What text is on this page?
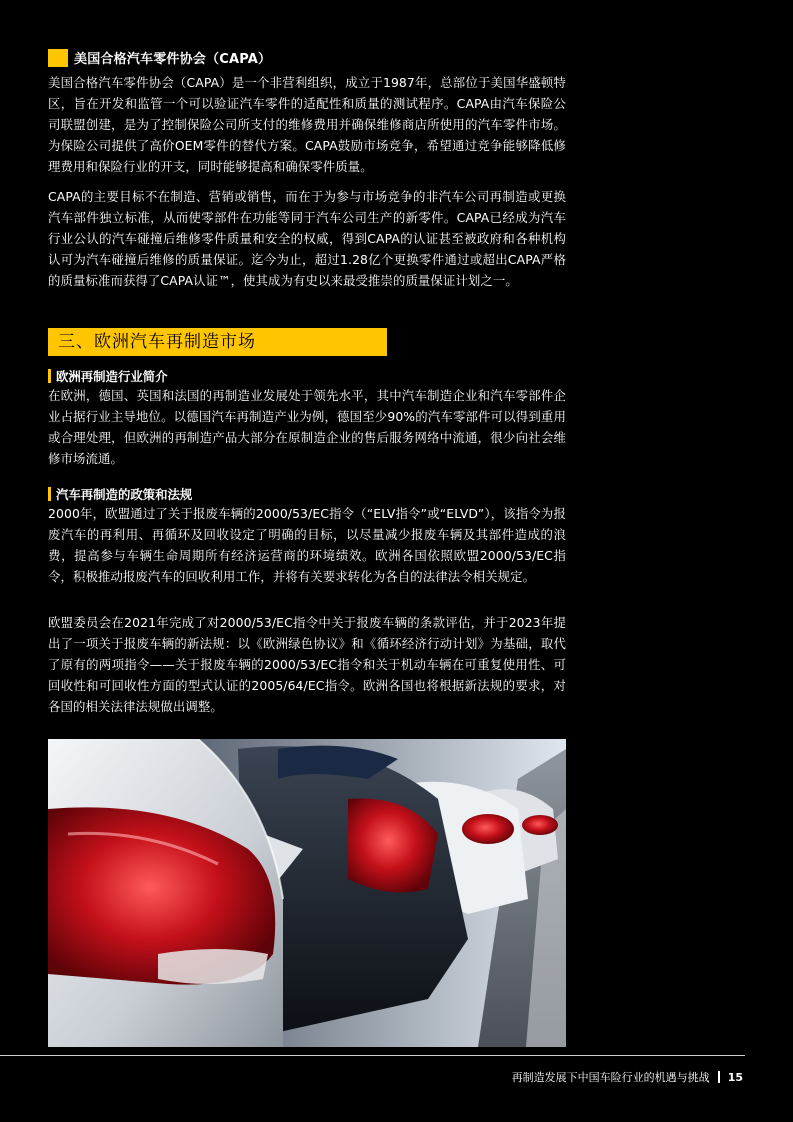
美国合格汽车零件协会（CAPA）

美国合格汽车零件协会（CAPA）是一个非营利组织，成立于1987年，总部位于美国华盛顿特区，旨在开发和监管一个可以验证汽车零件的适配性和质量的测试程序。CAPA由汽车保险公司联盟创建，是为了控制保险公司所支付的维修费用并确保维修商店所使用的汽车零件市场。为保险公司提供了高价OEM零件的替代方案。CAPA鼓励市场竞争，希望通过竞争能够降低修理费用和保险行业的开支，同时能够提高和确保零件质量。

CAPA的主要目标不在制造、营销或销售，而在于为参与市场竞争的非汽车公司再制造或更换汽车部件独立标准，从而使零部件在功能等同于汽车公司生产的新零件。CAPA已经成为汽车行业公认的汽车碰撞后维修零件质量和安全的权威，得到CAPA的认证甚至被政府和各种机构认可为汽车碰撞后维修的质量保证。迄今为止，超过1.28亿个更换零件通过或超出CAPA严格的质量标准而获得了CAPA认证™，使其成为有史以来最受推崇的质量保证计划之一。

三、欧洲汽车再制造市场
欧洲再制造行业简介

在欧洲，德国、英国和法国的再制造业发展处于领先水平，其中汽车制造企业和汽车零部件企业占据行业主导地位。以德国汽车再制造产业为例，德国至少90%的汽车零部件可以得到重用或合理处理，但欧洲的再制造产品大部分在原制造企业的售后服务网络中流通，很少向社会维修市场流通。

汽车再制造的政策和法规

2000年，欧盟通过了关于报废车辆的2000/53/EC指令（“ELV指令”或“ELVD”），该指令为报废汽车的再利用、再循环及回收设定了明确的目标，以尽量减少报废车辆及其部件造成的浪费，提高参与车辆生命周期所有经济运营商的环境绩效。欧洲各国依照欧盟2000/53/EC指令，积极推动报废汽车的回收利用工作，并将有关要求转化为各自的法律法令相关规定。

欧盟委员会在2021年完成了对2000/53/EC指令中关于报废车辆的条款评估，并于2023年提出了一项关于报废车辆的新法规：以《欧洲绿色协议》和《循环经济行动计划》为基础，取代了原有的两项指令——关于报废车辆的2000/53/EC指令和关于机动车辆在可重复使用性、可回收性和可回收性方面的型式认证的2005/64/EC指令。欧洲各国也将根据新法规的要求，对各国的相关法律法规做出调整。

再制造发展下中国车险行业的机遇与挑战 15
